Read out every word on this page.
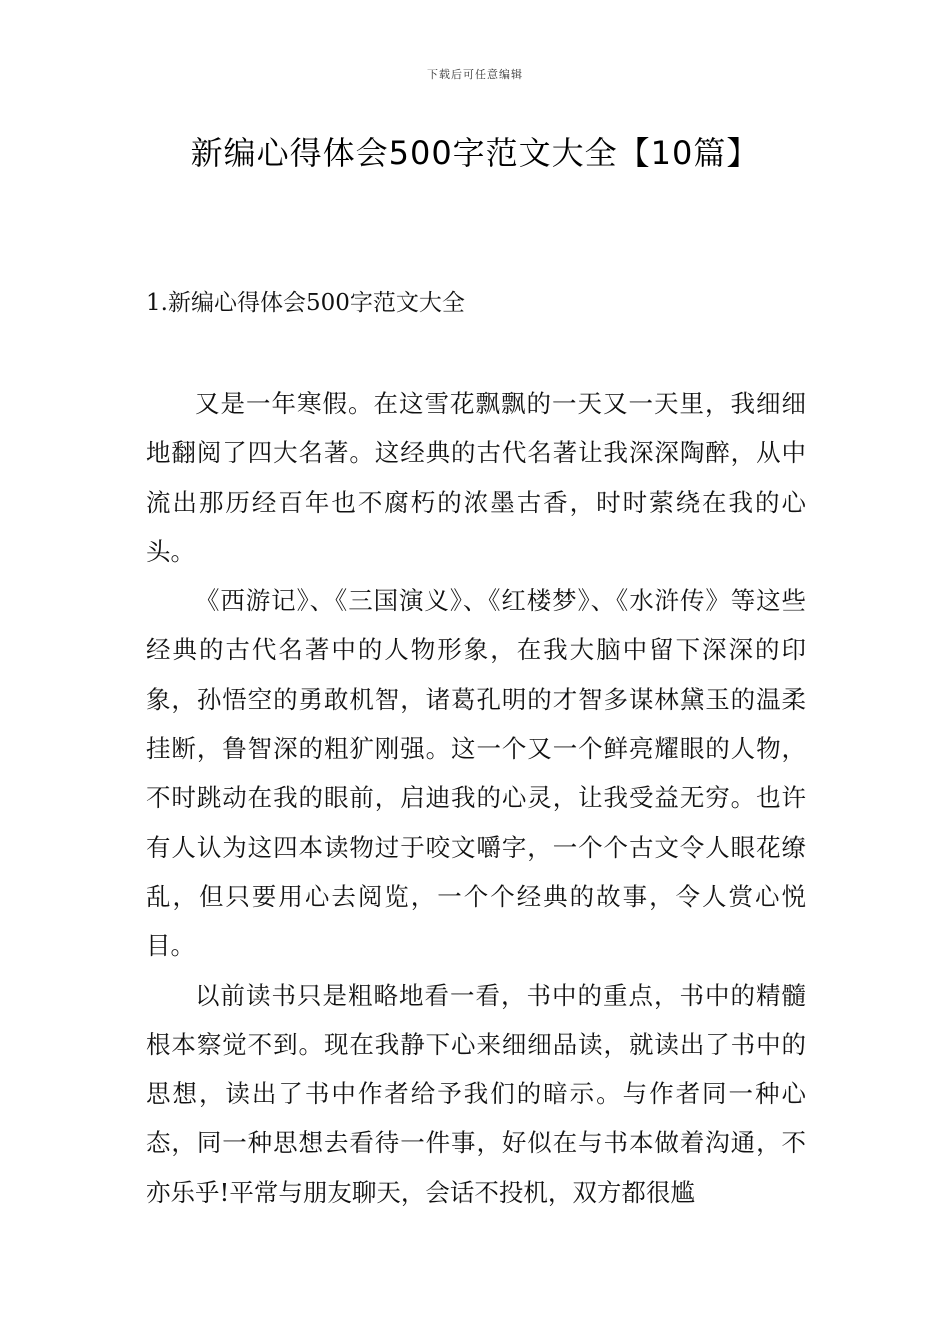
下载后可任意编辑
新编心得体会500字范文大全【10篇】
1.新编心得体会500字范文大全

又是一年寒假。在这雪花飘飘的一天又一天里，我细细地翻阅了四大名著。这经典的古代名著让我深深陶醉，从中流出那历经百年也不腐朽的浓墨古香，时时萦绕在我的心头。

《西游记》、《三国演义》、《红楼梦》、《水浒传》等这些经典的古代名著中的人物形象，在我大脑中留下深深的印象，孙悟空的勇敢机智，诸葛孔明的才智多谋林黛玉的温柔挂断，鲁智深的粗犷刚强。这一个又一个鲜亮耀眼的人物，不时跳动在我的眼前，启迪我的心灵，让我受益无穷。也许有人认为这四本读物过于咬文嚼字，一个个古文令人眼花缭乱，但只要用心去阅览，一个个经典的故事，令人赏心悦目。

以前读书只是粗略地看一看，书中的重点，书中的精髓根本察觉不到。现在我静下心来细细品读，就读出了书中的思想，读出了书中作者给予我们的暗示。与作者同一种心态，同一种思想去看待一件事，好似在与书本做着沟通，不亦乐乎!平常与朋友聊天，会话不投机，双方都很尴
